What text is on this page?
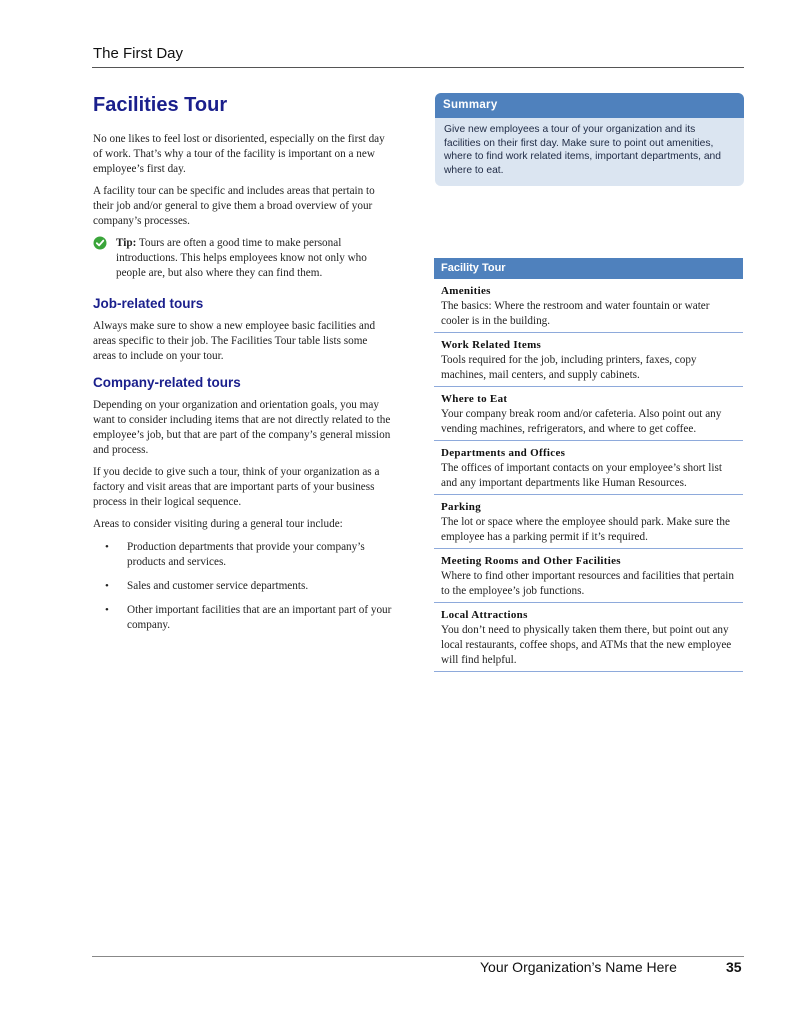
The First Day
Facilities Tour

No one likes to feel lost or disoriented, especially on the first day of work. That’s why a tour of the facility is important on a new employee’s first day.

A facility tour can be specific and includes areas that pertain to their job and/or general to give them a broad overview of your company’s processes.

Tip: Tours are often a good time to make personal introductions. This helps employees know not only who people are, but also where they can find them.
Job-related tours

Always make sure to show a new employee basic facilities and areas specific to their job. The Facilities Tour table lists some areas to include on your tour.

Company-related tours

Depending on your organization and orientation goals, you may want to consider including items that are not directly related to the employee’s job, but that are part of the company’s general mission and process.

If you decide to give such a tour, think of your organization as a factory and visit areas that are important parts of your business process in their logical sequence.

Areas to consider visiting during a general tour include:

• Production departments that provide your company’s products and services.
• Sales and customer service departments.
• Other important facilities that are an important part of your company.
Summary
Give new employees a tour of your organization and its facilities on their first day. Make sure to point out amenities, where to find work related items, important departments, and where to eat.
Facility Tour
Amenities
The basics: Where the restroom and water fountain or water cooler is in the building.
Work Related Items
Tools required for the job, including printers, faxes, copy machines, mail centers, and supply cabinets.
Where to Eat
Your company break room and/or cafeteria. Also point out any vending machines, refrigerators, and where to get coffee.
Departments and Offices
The offices of important contacts on your employee’s short list and any important departments like Human Resources.
Parking
The lot or space where the employee should park. Make sure the employee has a parking permit if it’s required.
Meeting Rooms and Other Facilities
Where to find other important resources and facilities that pertain to the employee’s job functions.
Local Attractions
You don’t need to physically taken them there, but point out any local restaurants, coffee shops, and ATMs that the new employee will find helpful.
Your Organization’s Name Here	35
